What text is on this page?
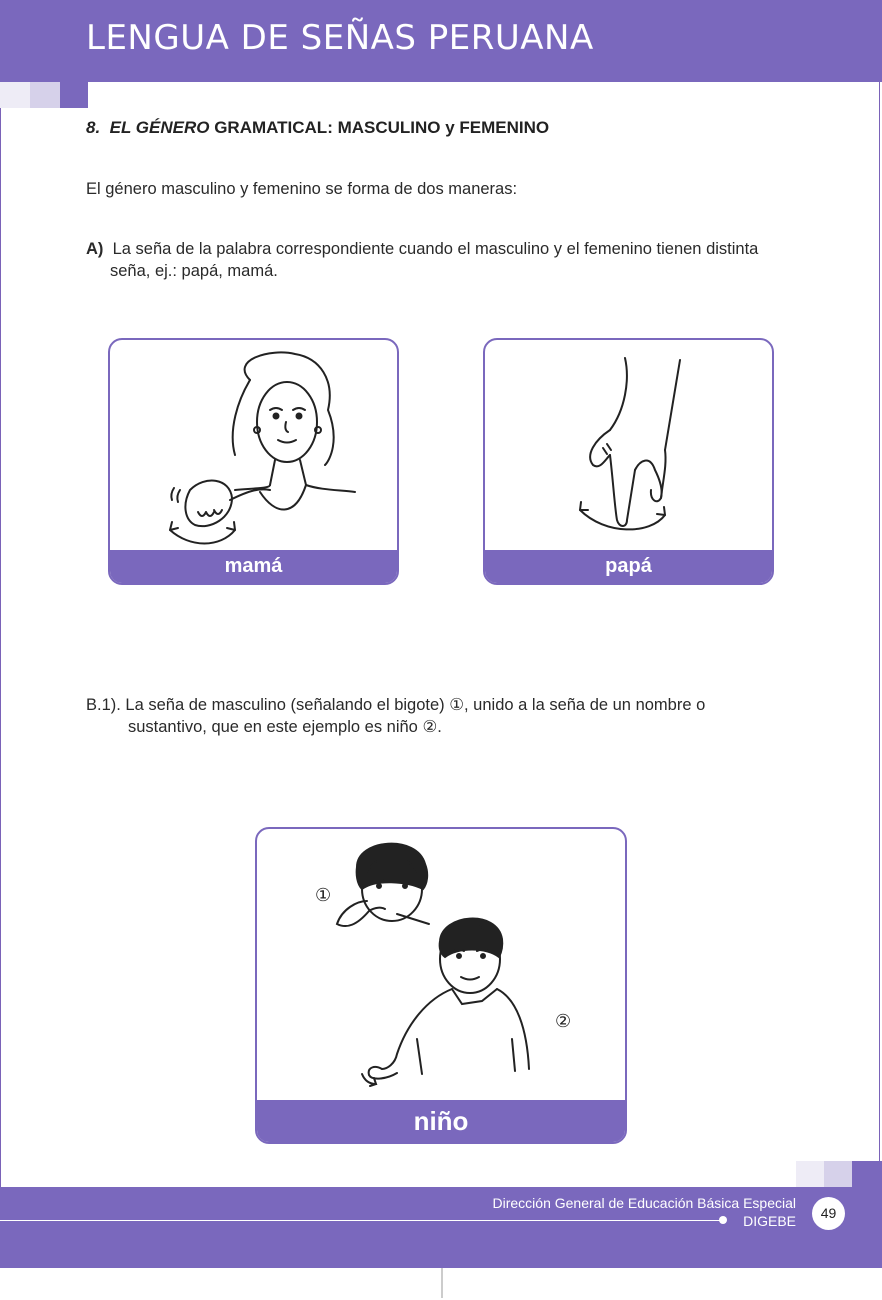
LENGUA DE SEÑAS PERUANA
8. EL GÉNERO GRAMATICAL: MASCULINO y FEMENINO
El género masculino y femenino se forma de dos maneras:
A) La seña de la palabra correspondiente cuando el masculino y el femenino tienen distinta
seña, ej.: papá, mamá.
mamá	papá
B.1). La seña de masculino (señalando el bigote) ①, unido a la seña de un nombre o
sustantivo, que en este ejemplo es niño ②.
①
②
niño
Dirección General de Educación Básica Especial
DIGEBE	49
